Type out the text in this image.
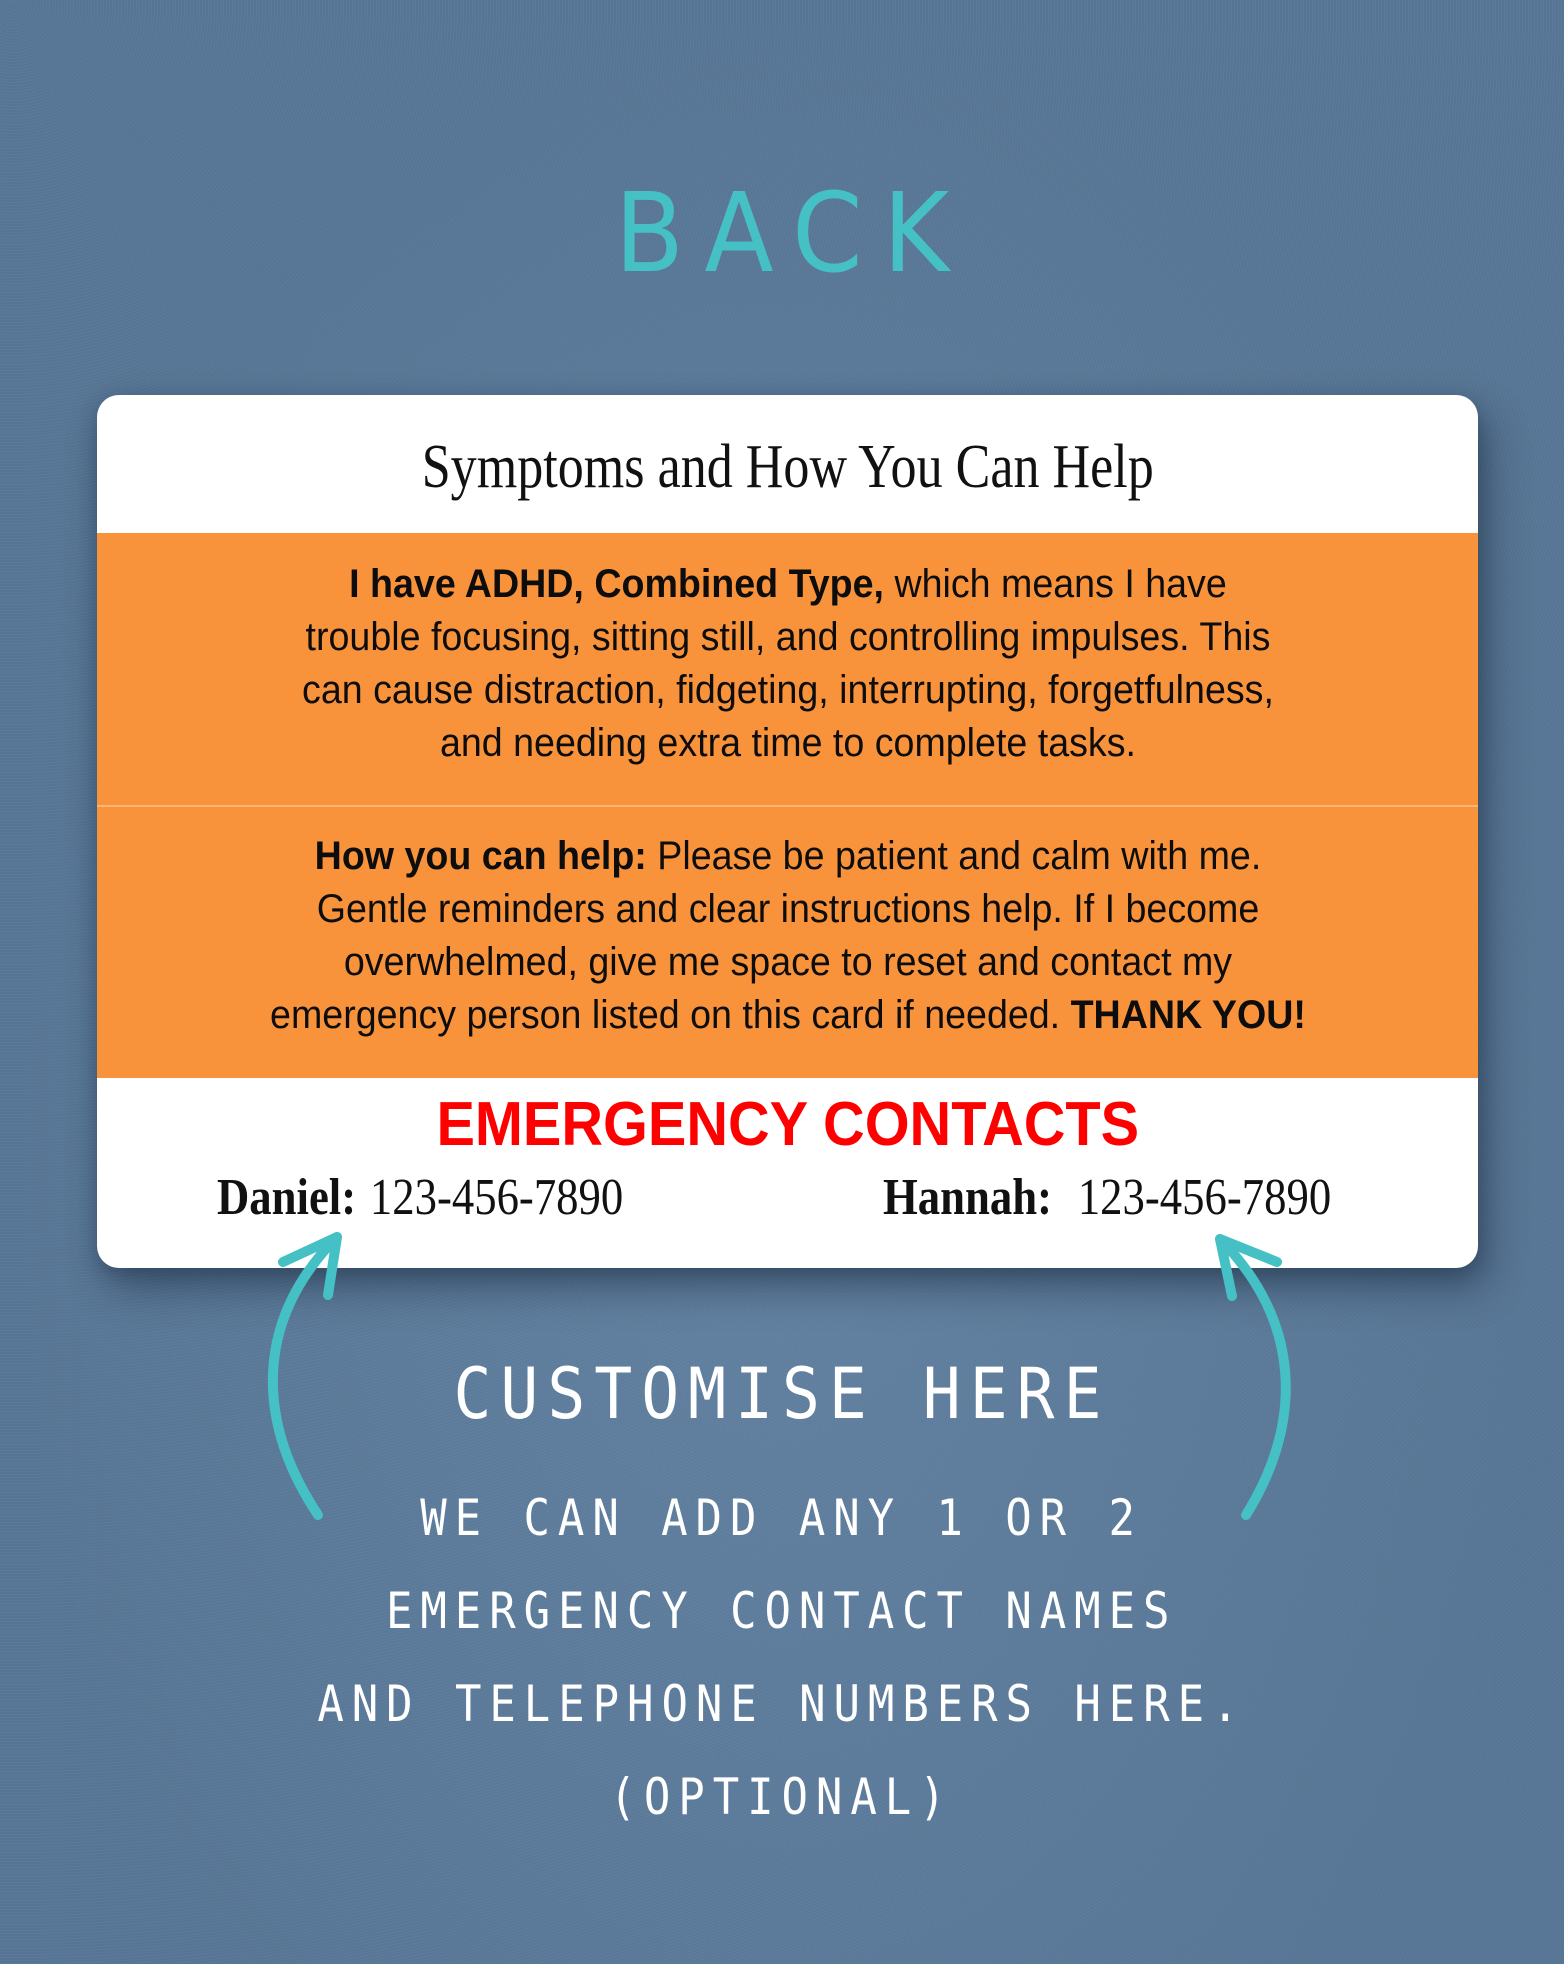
BACK
Symptoms and How You Can Help
I have ADHD, Combined Type, which means I have
trouble focusing, sitting still, and controlling impulses. This
can cause distraction, fidgeting, interrupting, forgetfulness,
and needing extra time to complete tasks.
How you can help: Please be patient and calm with me.
Gentle reminders and clear instructions help. If I become
overwhelmed, give me space to reset and contact my
emergency person listed on this card if needed. THANK YOU!
EMERGENCY CONTACTS
Daniel: 123-456-7890	Hannah: 123-456-7890
CUSTOMISE HERE
WE CAN ADD ANY 1 OR 2
EMERGENCY CONTACT NAMES
AND TELEPHONE NUMBERS HERE.
(OPTIONAL)
